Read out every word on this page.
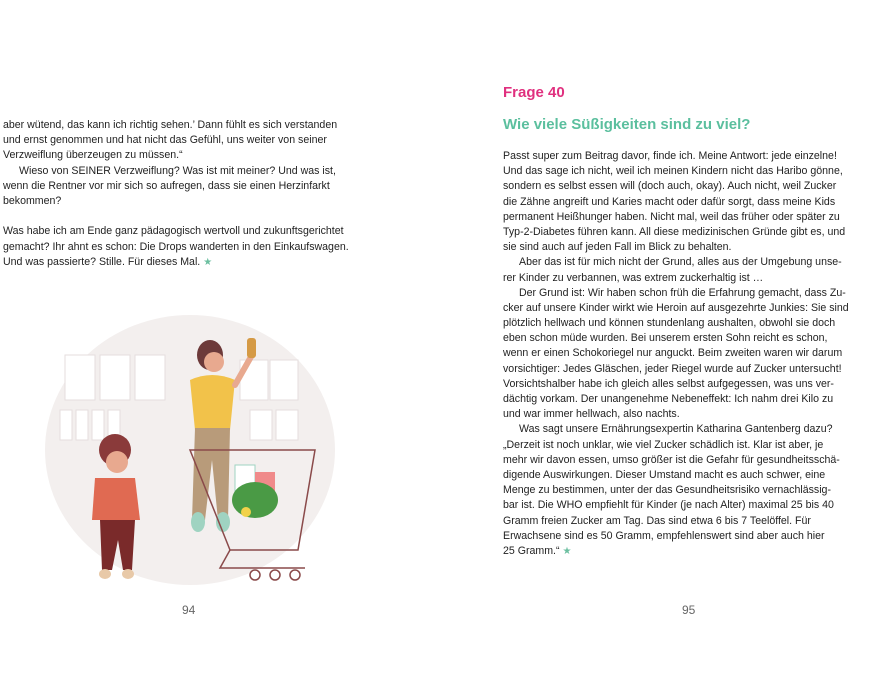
aber wütend, das kann ich richtig sehen.’ Dann fühlt es sich verstanden
und ernst genommen und hat nicht das Gefühl, uns weiter von seiner
Verzweiflung überzeugen zu müssen.“
Wieso von SEINER Verzweiflung? Was ist mit meiner? Und was ist,
wenn die Rentner vor mir sich so aufregen, dass sie einen Herzinfarkt
bekommen?
Was habe ich am Ende ganz pädagogisch wertvoll und zukunftsgerichtet
gemacht? Ihr ahnt es schon: Die Drops wanderten in den Einkaufswagen.
Und was passierte? Stille. Für dieses Mal. ★
94
Frage 40
Wie viele Süßigkeiten sind zu viel?
Passt super zum Beitrag davor, finde ich. Meine Antwort: jede einzelne!
Und das sage ich nicht, weil ich meinen Kindern nicht das Haribo gönne,
sondern es selbst essen will (doch auch, okay). Auch nicht, weil Zucker
die Zähne angreift und Karies macht oder dafür sorgt, dass meine Kids
permanent Heißhunger haben. Nicht mal, weil das früher oder später zu
Typ-2-Diabetes führen kann. All diese medizinischen Gründe gibt es, und
sie sind auch auf jeden Fall im Blick zu behalten.
Aber das ist für mich nicht der Grund, alles aus der Umgebung unse-
rer Kinder zu verbannen, was extrem zuckerhaltig ist …
Der Grund ist: Wir haben schon früh die Erfahrung gemacht, dass Zu-
cker auf unsere Kinder wirkt wie Heroin auf ausgezehrte Junkies: Sie sind
plötzlich hellwach und können stundenlang aushalten, obwohl sie doch
eben schon müde wurden. Bei unserem ersten Sohn reicht es schon,
wenn er einen Schokoriegel nur anguckt. Beim zweiten waren wir darum
vorsichtiger: Jedes Gläschen, jeder Riegel wurde auf Zucker untersucht!
Vorsichtshalber habe ich gleich alles selbst aufgegessen, was uns ver-
dächtig vorkam. Der unangenehme Nebeneffekt: Ich nahm drei Kilo zu
und war immer hellwach, also nachts.
Was sagt unsere Ernährungsexpertin Katharina Gantenberg dazu?
„Derzeit ist noch unklar, wie viel Zucker schädlich ist. Klar ist aber, je
mehr wir davon essen, umso größer ist die Gefahr für gesundheitsschä-
digende Auswirkungen. Dieser Umstand macht es auch schwer, eine
Menge zu bestimmen, unter der das Gesundheitsrisiko vernachlässig-
bar ist. Die WHO empfiehlt für Kinder (je nach Alter) maximal 25 bis 40
Gramm freien Zucker am Tag. Das sind etwa 6 bis 7 Teelöffel. Für
Erwachsene sind es 50 Gramm, empfehlenswert sind aber auch hier
25 Gramm.“ ★
95
